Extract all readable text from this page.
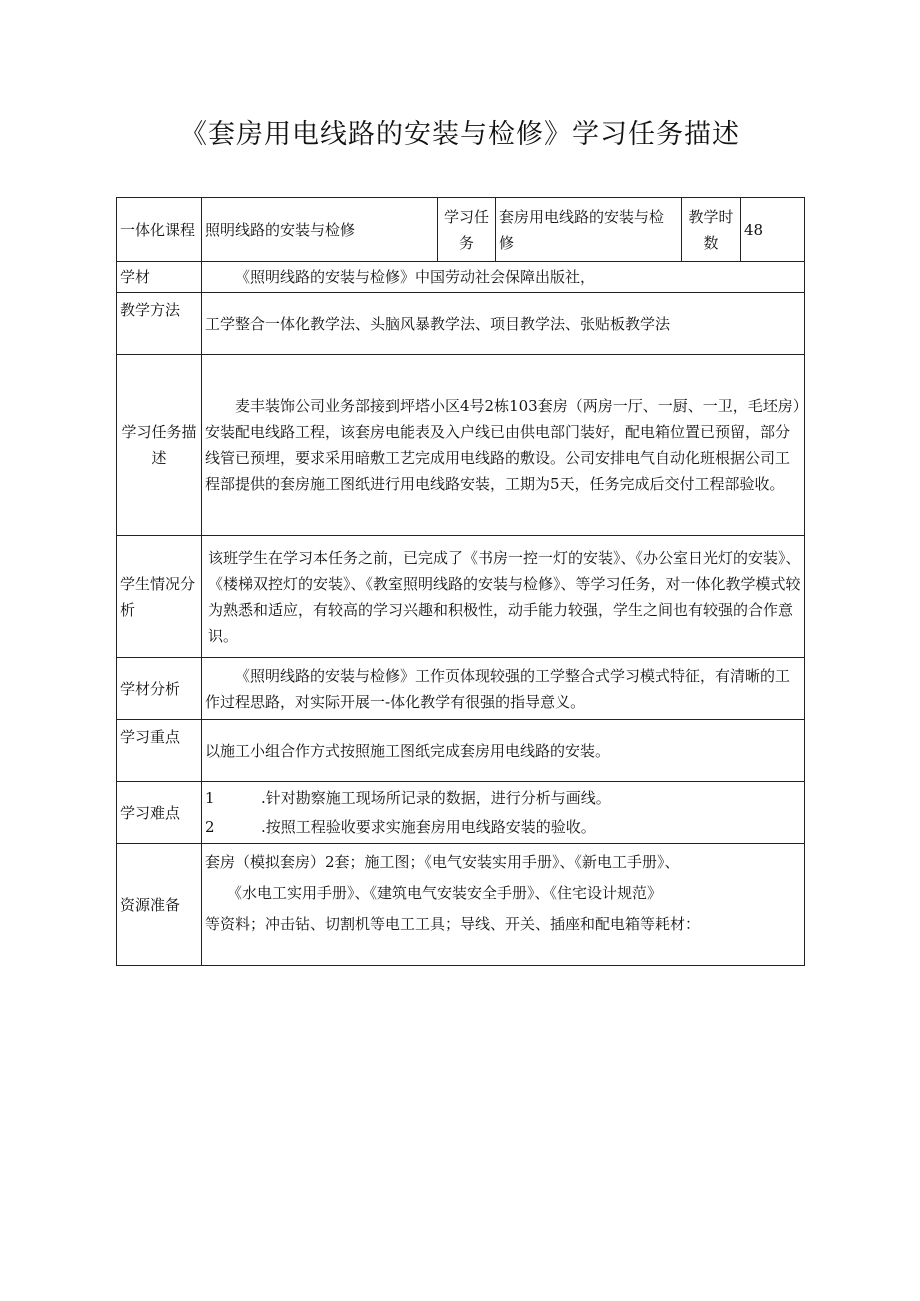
《套房用电线路的安装与检修》学习任务描述
一体化课程	照明线路的安装与检修	学习任务	套房用电线路的安装与检修	教学时数	48
学材	《照明线路的安装与检修》中国劳动社会保障出版社，				
教学方法	工学整合一体化教学法、头脑风暴教学法、项目教学法、张贴板教学法				
学习任务描述	麦丰装饰公司业务部接到坪塔小区4号2栋103套房（两房一厅、一厨、一卫，毛坯房）安装配电线路工程，该套房电能表及入户线已由供电部门装好，配电箱位置已预留，部分线管已预埋，要求采用暗敷工艺完成用电线路的敷设。公司安排电气自动化班根据公司工程部提供的套房施工图纸进行用电线路安装，工期为5天，任务完成后交付工程部验收。				
学生情况分析	该班学生在学习本任务之前，已完成了《书房一控一灯的安装》、《办公室日光灯的安装》、《楼梯双控灯的安装》、《教室照明线路的安装与检修》、等学习任务，对一体化教学模式较为熟悉和适应，有较高的学习兴趣和积极性，动手能力较强，学生之间也有较强的合作意识。				
学材分析	《照明线路的安装与检修》工作页体现较强的工学整合式学习模式特征，有清晰的工作过程思路，对实际开展一-体化教学有很强的指导意义。				
学习重点	以施工小组合作方式按照施工图纸完成套房用电线路的安装。				
学习难点	1 .针对勘察施工现场所记录的数据，进行分析与画线。
2 .按照工程验收要求实施套房用电线路安装的验收。				

资源准备	套房（模拟套房）2套；施工图；《电气安装实用手册》、《新电工手册》、

《水电工实用手册》、《建筑电气安装安全手册》、《住宅设计规范》

等资料；冲击钻、切割机等电工工具；导线、开关、插座和配电箱等耗材：				
